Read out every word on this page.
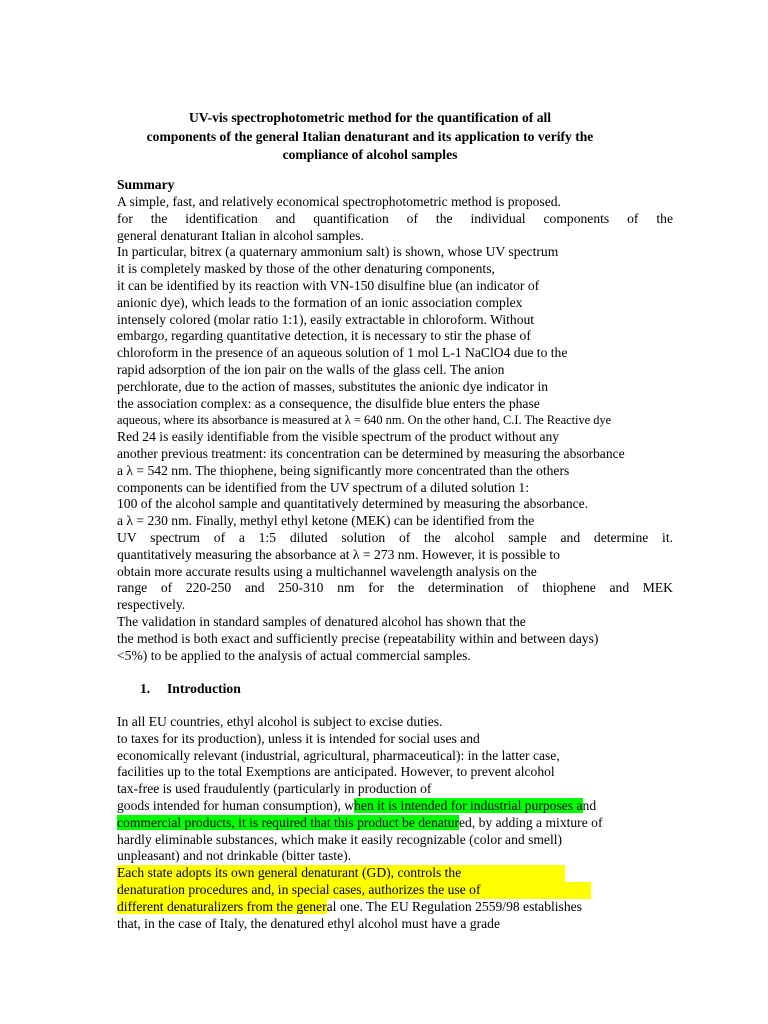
UV-vis spectrophotometric method for the quantification of all
components of the general Italian denaturant and its application to verify the
compliance of alcohol samples
Summary
A simple, fast, and relatively economical spectrophotometric method is proposed.
for the identification and quantification of the individual components of the
general denaturant Italian in alcohol samples.
In particular, bitrex (a quaternary ammonium salt) is shown, whose UV spectrum
it is completely masked by those of the other denaturing components,
it can be identified by its reaction with VN-150 disulfine blue (an indicator of
anionic dye), which leads to the formation of an ionic association complex
intensely colored (molar ratio 1:1), easily extractable in chloroform. Without
embargo, regarding quantitative detection, it is necessary to stir the phase of
chloroform in the presence of an aqueous solution of 1 mol L-1 NaClO4 due to the
rapid adsorption of the ion pair on the walls of the glass cell. The anion
perchlorate, due to the action of masses, substitutes the anionic dye indicator in
the association complex: as a consequence, the disulfide blue enters the phase
aqueous, where its absorbance is measured at λ = 640 nm. On the other hand, C.I. The Reactive dye
Red 24 is easily identifiable from the visible spectrum of the product without any
another previous treatment: its concentration can be determined by measuring the absorbance
a λ = 542 nm. The thiophene, being significantly more concentrated than the others
components can be identified from the UV spectrum of a diluted solution 1:
100 of the alcohol sample and quantitatively determined by measuring the absorbance.
a λ = 230 nm. Finally, methyl ethyl ketone (MEK) can be identified from the
UV spectrum of a 1:5 diluted solution of the alcohol sample and determine it.
quantitatively measuring the absorbance at λ = 273 nm. However, it is possible to
obtain more accurate results using a multichannel wavelength analysis on the
range of 220-250 and 250-310 nm for the determination of thiophene and MEK
respectively.
The validation in standard samples of denatured alcohol has shown that the
the method is both exact and sufficiently precise (repeatability within and between days)
<5%) to be applied to the analysis of actual commercial samples.
1. Introduction
In all EU countries, ethyl alcohol is subject to excise duties.
to taxes for its production), unless it is intended for social uses and
economically relevant (industrial, agricultural, pharmaceutical): in the latter case,
facilities up to the total Exemptions are anticipated. However, to prevent alcohol
tax-free is used fraudulently (particularly in production of
goods intended for human consumption), when it is intended for industrial purposes and
commercial products, it is required that this product be denatured, by adding a mixture of
hardly eliminable substances, which make it easily recognizable (color and smell)
unpleasant) and not drinkable (bitter taste).
Each state adopts its own general denaturant (GD), controls the
denaturation procedures and, in special cases, authorizes the use of
different denaturalizers from the general one. The EU Regulation 2559/98 establishes
that, in the case of Italy, the denatured ethyl alcohol must have a grade
